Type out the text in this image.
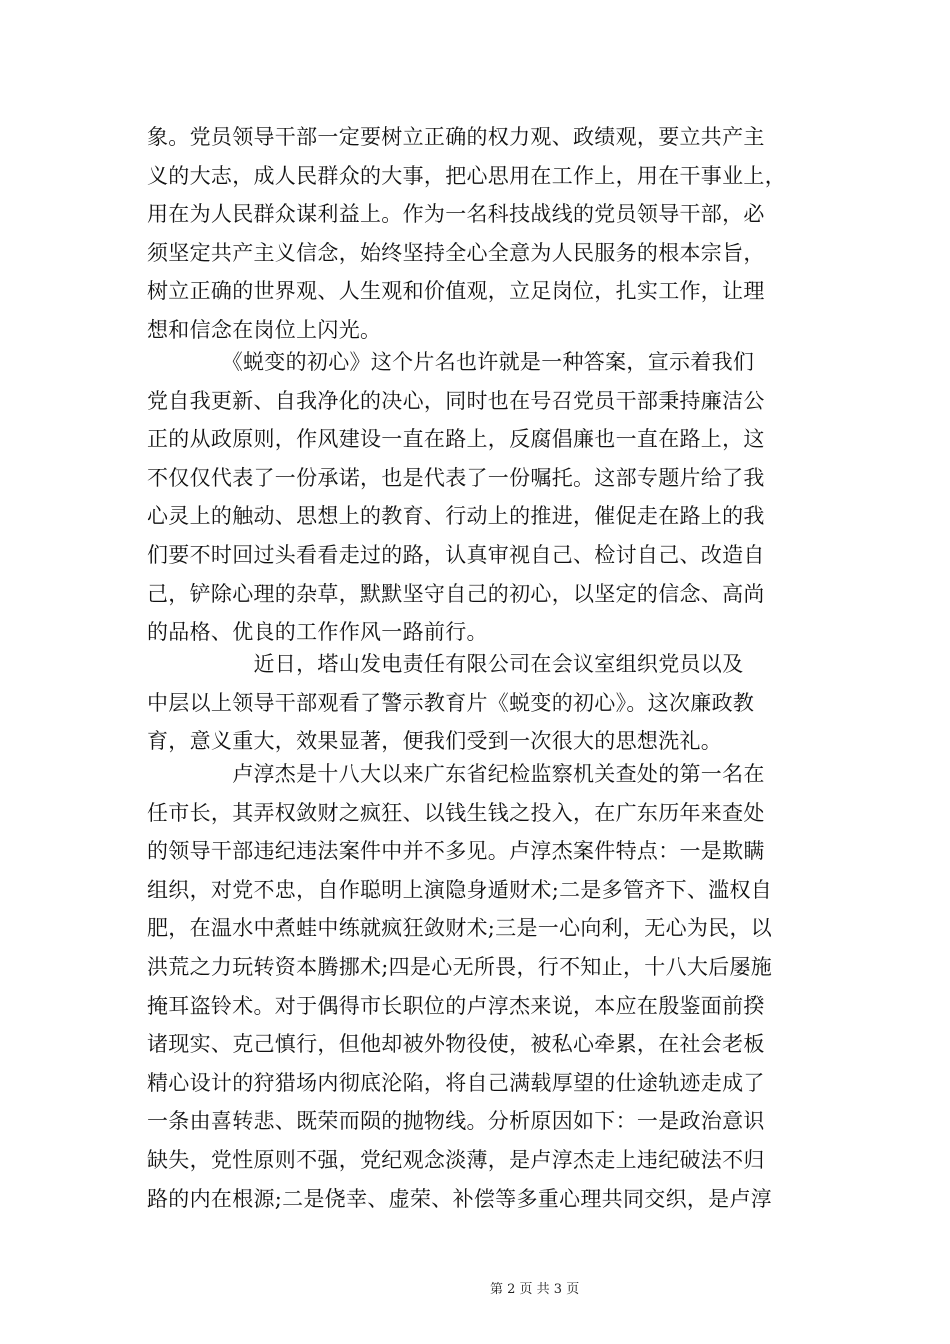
象。党员领导干部一定要树立正确的权力观、政绩观，要立共产主
义的大志，成人民群众的大事，把心思用在工作上，用在干事业上，
用在为人民群众谋利益上。作为一名科技战线的党员领导干部，必
须坚定共产主义信念，始终坚持全心全意为人民服务的根本宗旨，
树立正确的世界观、人生观和价值观，立足岗位，扎实工作，让理
想和信念在岗位上闪光。
　　　　《蜕变的初心》这个片名也许就是一种答案，宣示着我们
党自我更新、自我净化的决心，同时也在号召党员干部秉持廉洁公
正的从政原则，作风建设一直在路上，反腐倡廉也一直在路上，这
不仅仅代表了一份承诺，也是代表了一份嘱托。这部专题片给了我
心灵上的触动、思想上的教育、行动上的推进，催促走在路上的我
们要不时回过头看看走过的路，认真审视自己、检讨自己、改造自
己，铲除心理的杂草，默默坚守自己的初心，以坚定的信念、高尚
的品格、优良的工作作风一路前行。
　　　　　近日，塔山发电责任有限公司在会议室组织党员以及
中层以上领导干部观看了警示教育片《蜕变的初心》。这次廉政教
育，意义重大，效果显著，便我们受到一次很大的思想洗礼。
　　　　卢淳杰是十八大以来广东省纪检监察机关查处的第一名在
任市长，其弄权敛财之疯狂、以钱生钱之投入，在广东历年来查处
的领导干部违纪违法案件中并不多见。卢淳杰案件特点：一是欺瞒
组织，对党不忠，自作聪明上演隐身遁财术;二是多管齐下、滥权自
肥，在温水中煮蛙中练就疯狂敛财术;三是一心向利，无心为民，以
洪荒之力玩转资本腾挪术;四是心无所畏，行不知止，十八大后屡施
掩耳盗铃术。对于偶得市长职位的卢淳杰来说，本应在殷鉴面前揆
诸现实、克己慎行，但他却被外物役使，被私心牵累，在社会老板
精心设计的狩猎场内彻底沦陷，将自己满载厚望的仕途轨迹走成了
一条由喜转悲、既荣而陨的抛物线。分析原因如下：一是政治意识
缺失，党性原则不强，党纪观念淡薄，是卢淳杰走上违纪破法不归
路的内在根源;二是侥幸、虚荣、补偿等多重心理共同交织，是卢淳
第 2 页 共 3 页
